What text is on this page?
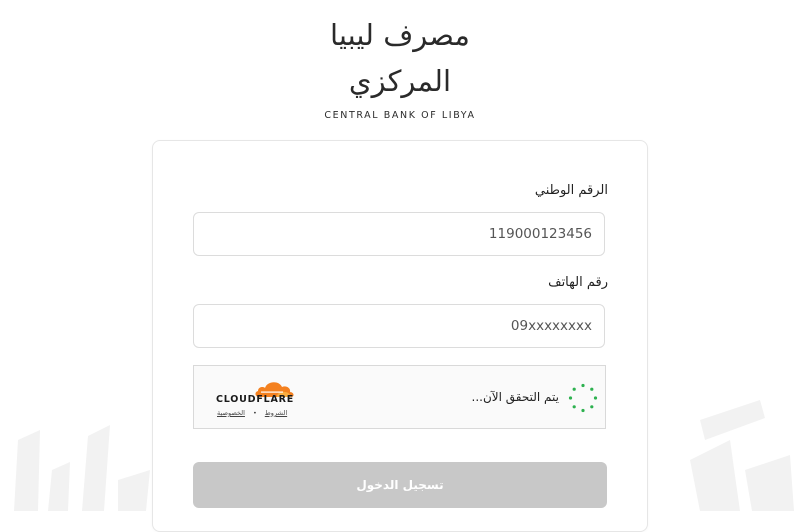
مصرف ليبيا المركزي
CENTRAL BANK OF LIBYA
الرقم الوطني
119000123456
رقم الهاتف
09xxxxxxxx
يتم التحقق الآن...
CLOUDFLARE
الشروط•الخصوصية
تسجيل الدخول
